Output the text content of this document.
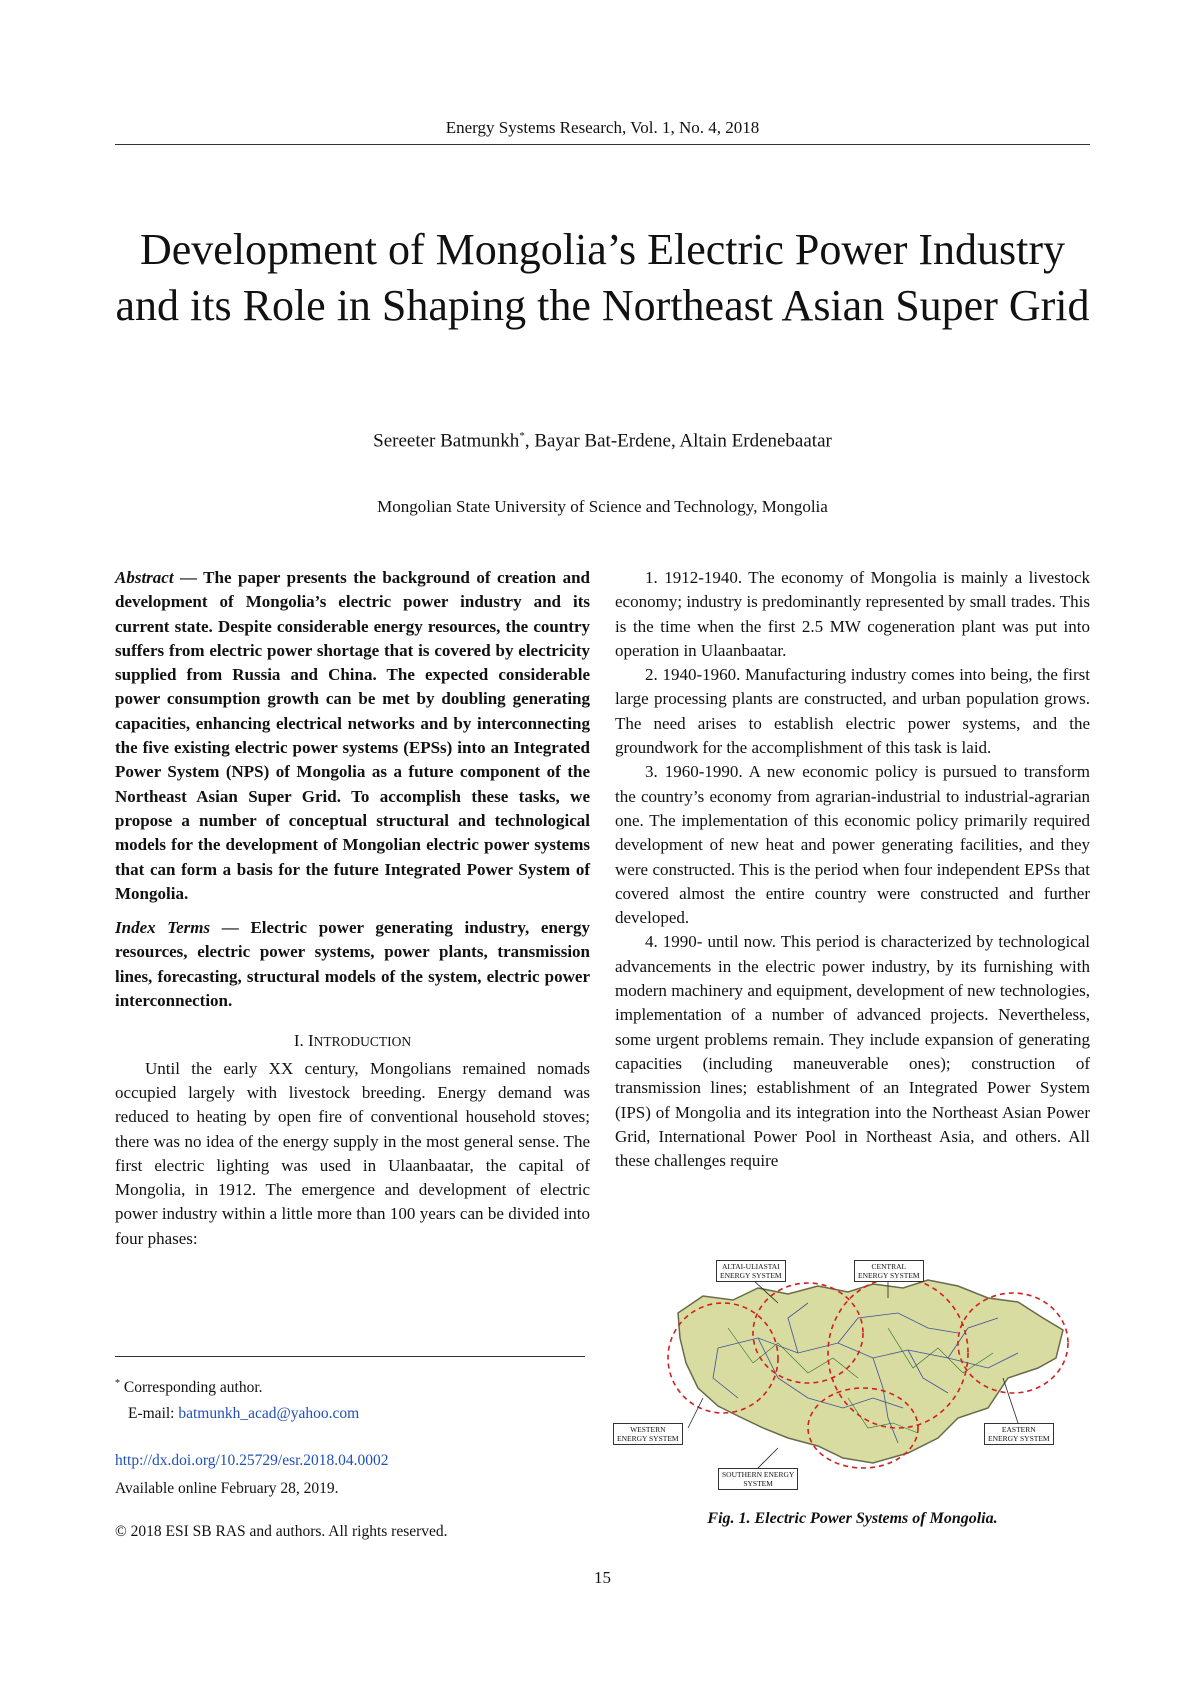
Energy Systems Research, Vol. 1, No. 4, 2018
Development of Mongolia’s Electric Power Industry and its Role in Shaping the Northeast Asian Super Grid
Sereeter Batmunkh*, Bayar Bat-Erdene, Altain Erdenebaatar
Mongolian State University of Science and Technology, Mongolia
Abstract — The paper presents the background of creation and development of Mongolia’s electric power industry and its current state. Despite considerable energy resources, the country suffers from electric power shortage that is covered by electricity supplied from Russia and China. The expected considerable power consumption growth can be met by doubling generating capacities, enhancing electrical networks and by interconnecting the five existing electric power systems (EPSs) into an Integrated Power System (NPS) of Mongolia as a future component of the Northeast Asian Super Grid. To accomplish these tasks, we propose a number of conceptual structural and technological models for the development of Mongolian electric power systems that can form a basis for the future Integrated Power System of Mongolia.
Index Terms — Electric power generating industry, energy resources, electric power systems, power plants, transmission lines, forecasting, structural models of the system, electric power interconnection.
I. INTRODUCTION

Until the early XX century, Mongolians remained nomads occupied largely with livestock breeding. Energy demand was reduced to heating by open fire of conventional household stoves; there was no idea of the energy supply in the most general sense. The first electric lighting was used in Ulaanbaatar, the capital of Mongolia, in 1912. The emergence and development of electric power industry within a little more than 100 years can be divided into four phases:

* Corresponding author.
E-mail: batmunkh_acad@yahoo.com
http://dx.doi.org/10.25729/esr.2018.04.0002
Available online February 28, 2019.
© 2018 ESI SB RAS and authors. All rights reserved.

1. 1912-1940. The economy of Mongolia is mainly a livestock economy; industry is predominantly represented by small trades. This is the time when the first 2.5 MW cogeneration plant was put into operation in Ulaanbaatar.

2. 1940-1960. Manufacturing industry comes into being, the first large processing plants are constructed, and urban population grows. The need arises to establish electric power systems, and the groundwork for the accomplishment of this task is laid.

3. 1960-1990. A new economic policy is pursued to transform the country’s economy from agrarian-industrial to industrial-agrarian one. The implementation of this economic policy primarily required development of new heat and power generating facilities, and they were constructed. This is the period when four independent EPSs that covered almost the entire country were constructed and further developed.

4. 1990- until now. This period is characterized by technological advancements in the electric power industry, by its furnishing with modern machinery and equipment, development of new technologies, implementation of a number of advanced projects. Nevertheless, some urgent problems remain. They include expansion of generating capacities (including maneuverable ones); construction of transmission lines; establishment of an Integrated Power System (IPS) of Mongolia and its integration into the Northeast Asian Power Grid, International Power Pool in Northeast Asia, and others. All these challenges require

ALTAI-ULIASTAI
ENERGY SYSTEM
CENTRAL
ENERGY SYSTEM
WESTERN
ENERGY SYSTEM
EASTERN
ENERGY SYSTEM
SOUTHERN ENERGY
SYSTEM
Fig. 1. Electric Power Systems of Mongolia.
15
